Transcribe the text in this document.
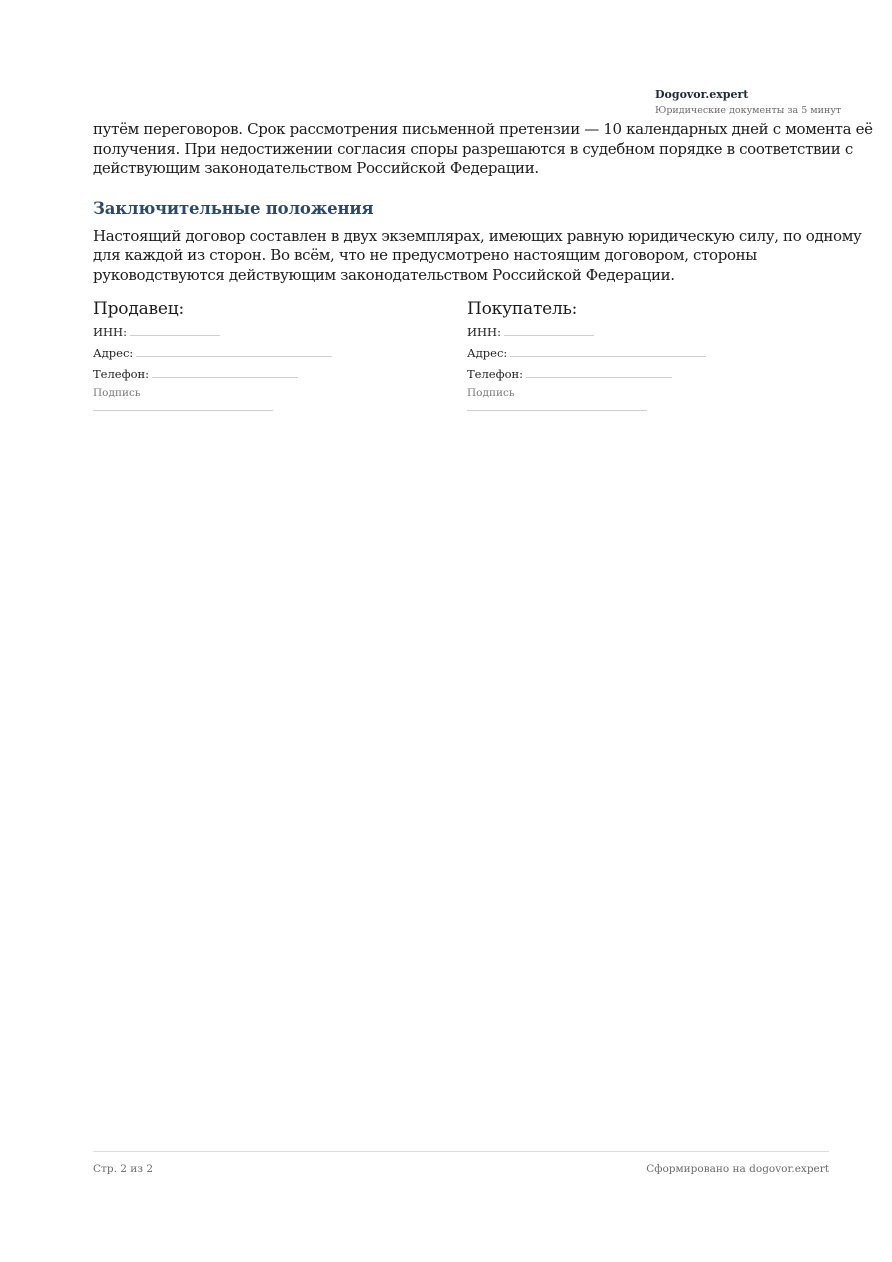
Dogovor.expert
Юридические документы за 5 минут

путём переговоров. Срок рассмотрения письменной претензии — 10 календарных дней с момента её получения. При недостижении согласия споры разрешаются в судебном порядке в соответствии с действующим законодательством Российской Федерации.

Заключительные положения

Настоящий договор составлен в двух экземплярах, имеющих равную юридическую силу, по одному для каждой из сторон. Во всём, что не предусмотрено настоящим договором, стороны руководствуются действующим законодательством Российской Федерации.

Продавец:
ИНН:
Адрес:
Телефон:
Подпись
Покупатель:
ИНН:
Адрес:
Телефон:
Подпись
Стр. 2 из 2	Сформировано на dogovor.expert
